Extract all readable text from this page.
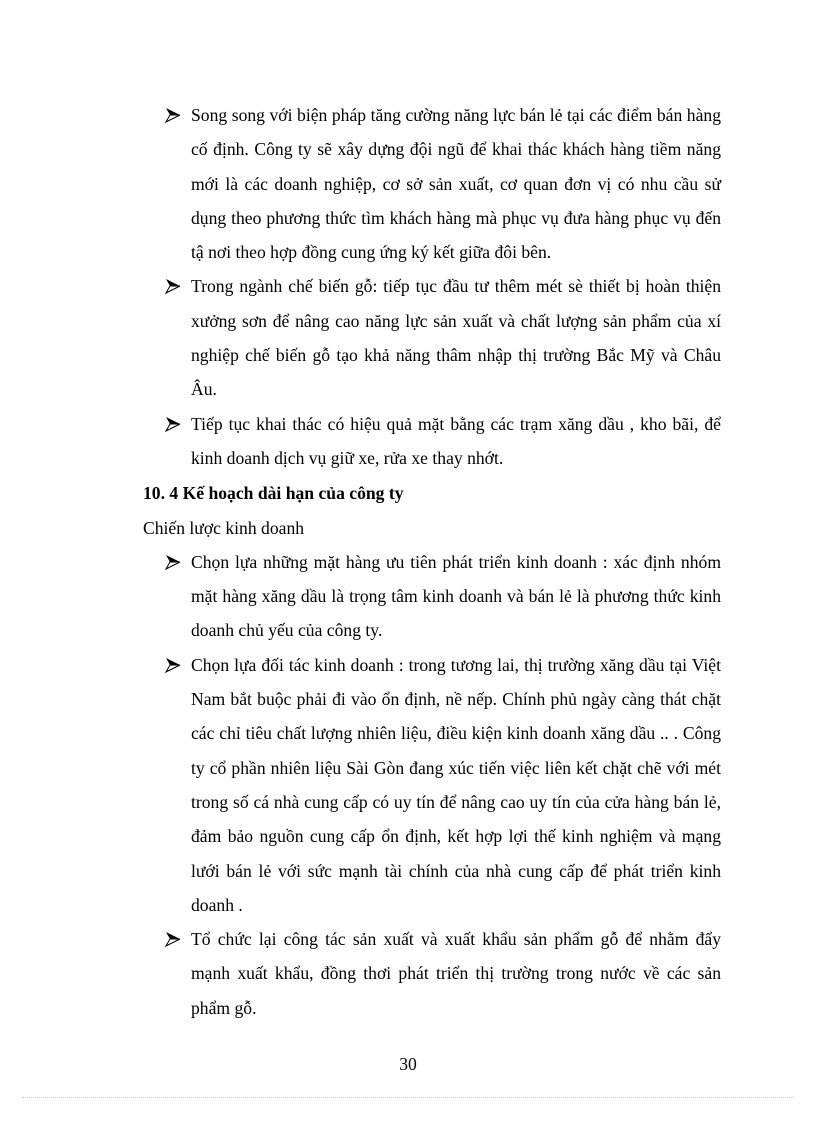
Song song với biện pháp tăng cường năng lực bán lẻ tại các điểm bán hàng cố định. Công ty sẽ xây dựng đội ngũ để khai thác khách hàng tiềm năng mới là các doanh nghiệp, cơ sở sản xuất, cơ quan đơn vị có nhu cầu sử dụng theo phương thức tìm khách hàng mà phục vụ đưa hàng phục vụ đến tậ nơi theo hợp đồng cung ứng ký kết giữa đôi bên.
Trong ngành chế biến gỗ: tiếp tục đầu tư thêm mét sè thiết bị hoàn thiện xưởng sơn để nâng cao năng lực sản xuất và chất lượng sản phẩm của xí nghiệp chế biến gỗ tạo khả năng thâm nhập thị trường Bắc Mỹ và Châu Âu.
Tiếp tục khai thác có hiệu quả mặt bằng các trạm xăng dầu , kho bãi, để kinh doanh dịch vụ giữ xe, rửa xe thay nhớt.
10. 4 Kế hoạch dài hạn của công ty
Chiến lược kinh doanh
Chọn lựa những mặt hàng ưu tiên phát triển kinh doanh : xác định nhóm mặt hàng xăng dầu là trọng tâm kinh doanh và bán lẻ là phương thức kinh doanh chủ yếu của công ty.
Chọn lựa đối tác kinh doanh : trong tương lai, thị trường xăng dầu tại Việt Nam bắt buộc phải đi vào ổn định, nề nếp. Chính phủ ngày càng thát chặt các chỉ tiêu chất lượng nhiên liệu, điều kiện kinh doanh xăng dầu .. . Công ty cổ phần nhiên liệu Sài Gòn đang xúc tiến việc liên kết chặt chẽ với mét trong số cá nhà cung cấp có uy tín để nâng cao uy tín của cửa hàng bán lẻ, đảm bảo nguồn cung cấp ổn định, kết hợp lợi thế kinh nghiệm và mạng lưới bán lẻ với sức mạnh tài chính của nhà cung cấp để phát triển kinh doanh .
Tổ chức lại công tác sản xuất và xuất khẩu sản phẩm gỗ để nhằm đẩy mạnh xuất khẩu, đồng thơi phát triển thị trường trong nước về các sản phẩm gỗ.
30
